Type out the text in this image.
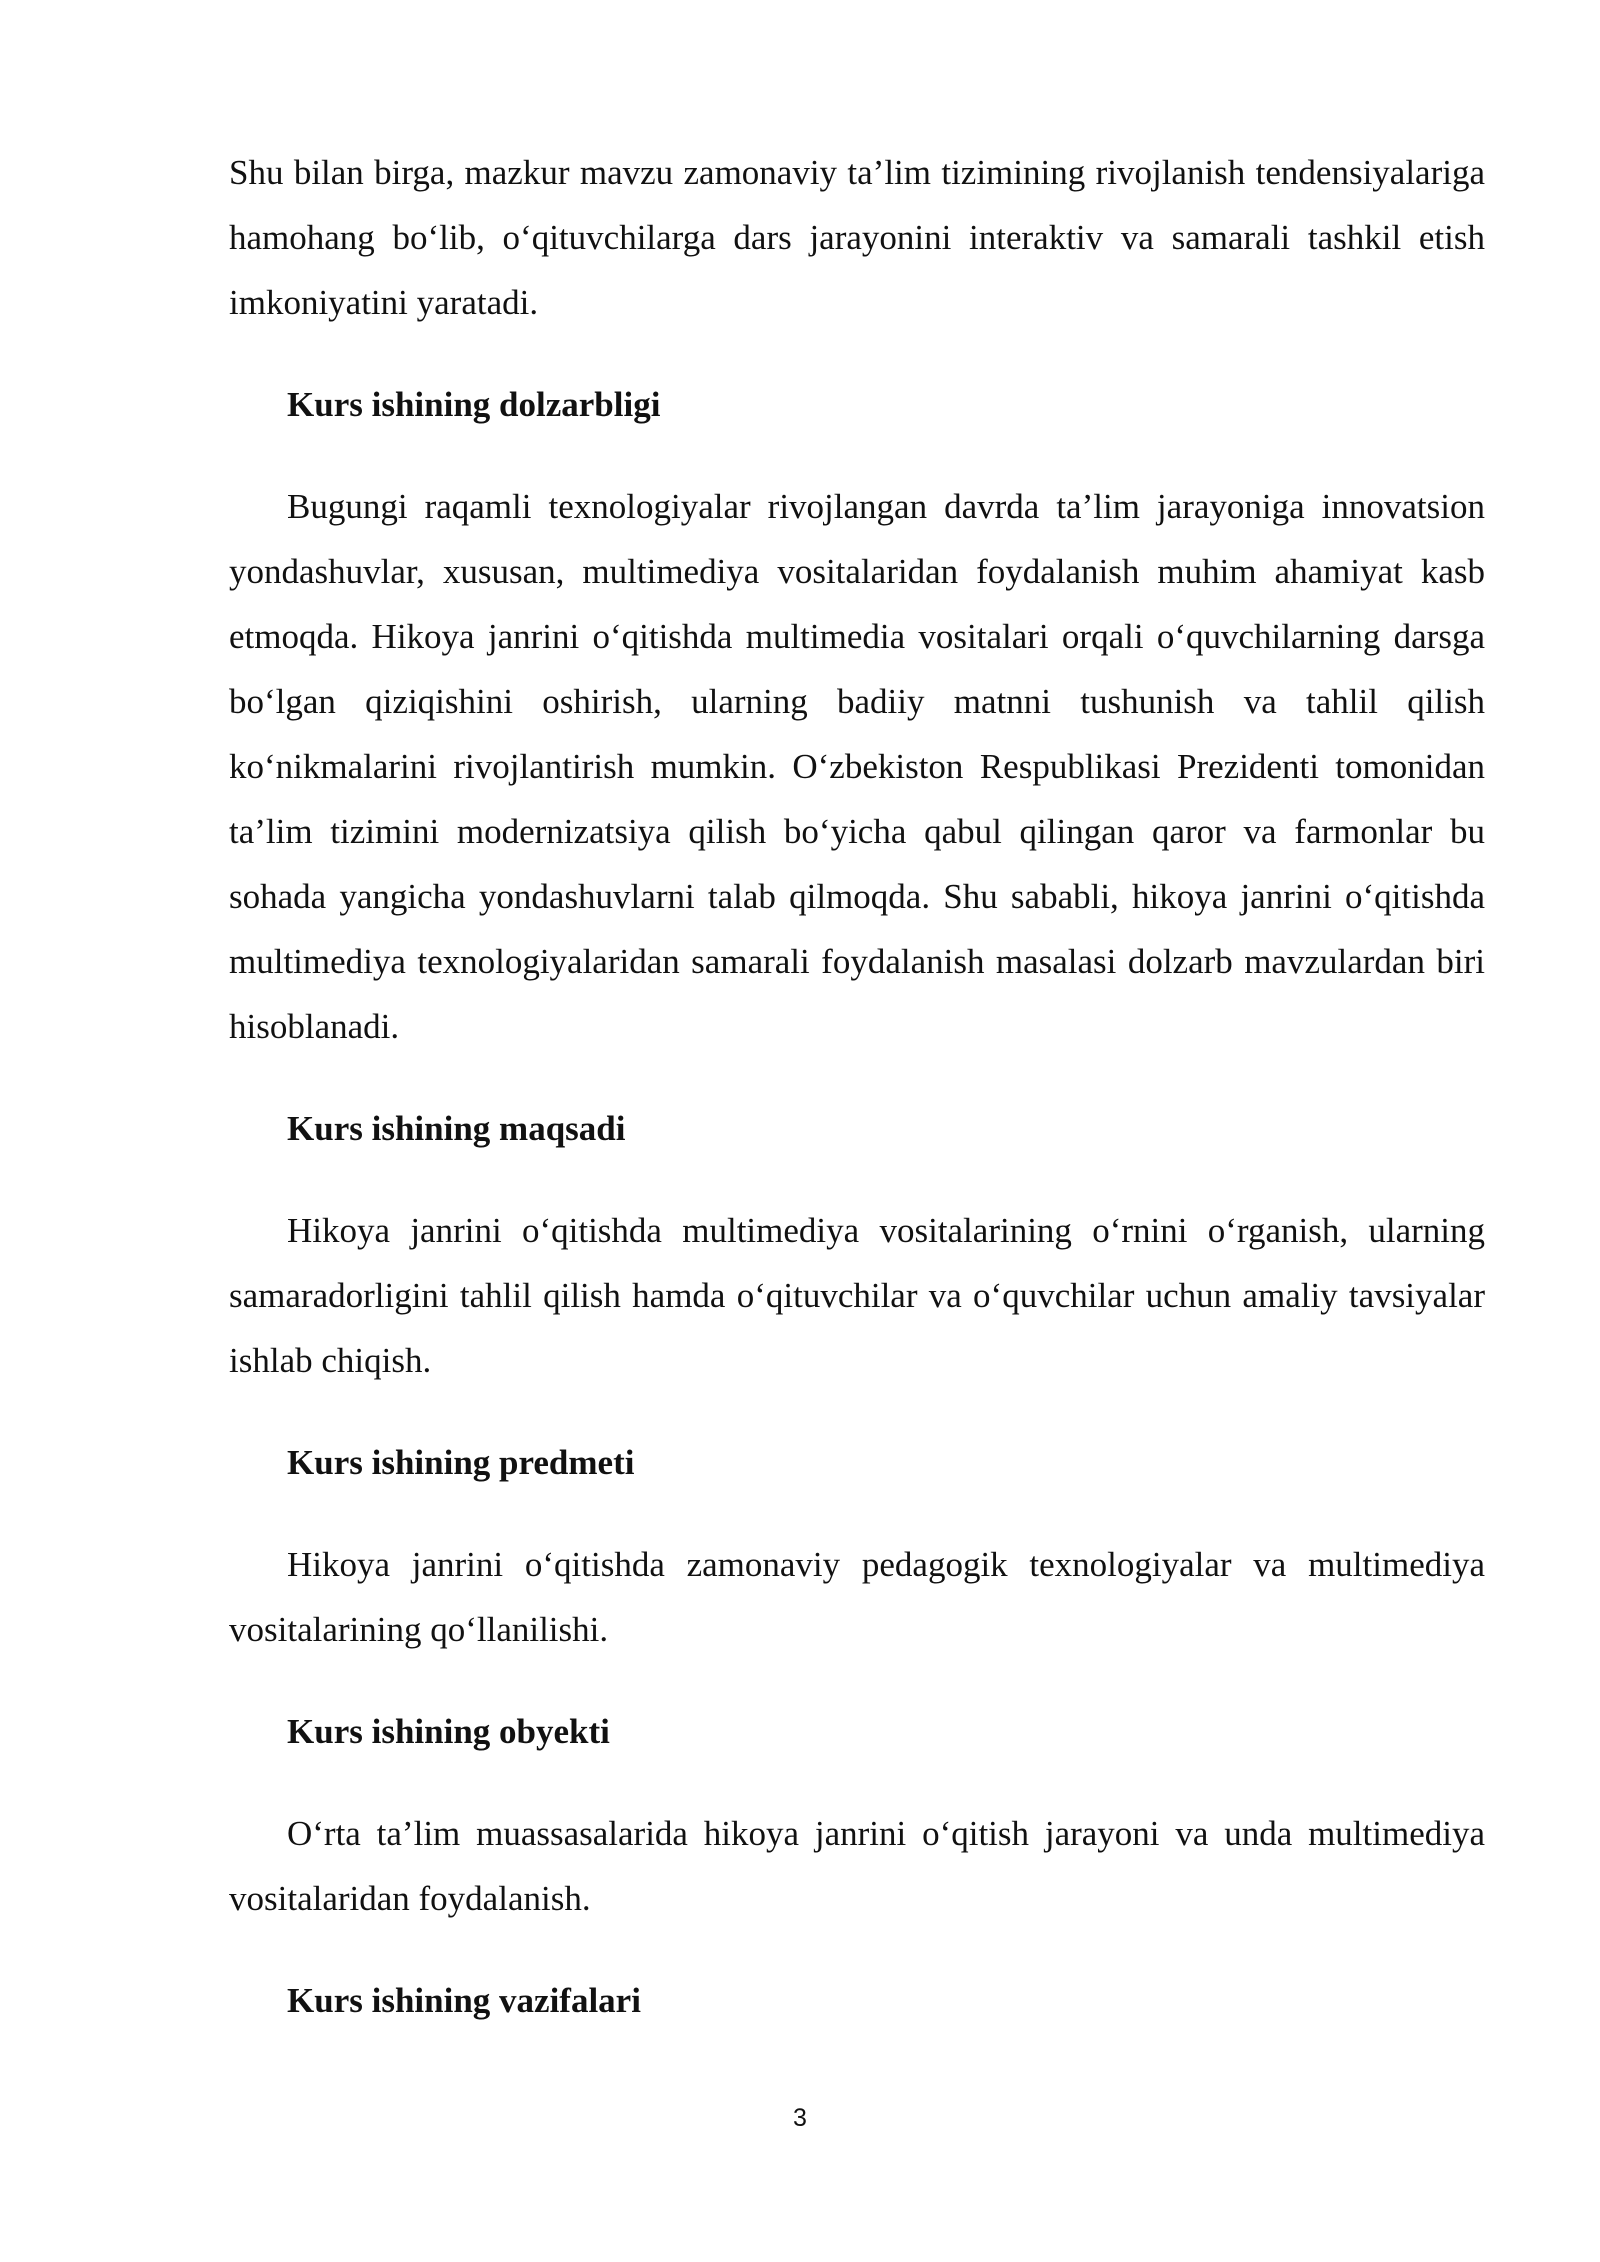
Shu bilan birga, mazkur mavzu zamonaviy ta’lim tizimining rivojlanish tendensiyalariga hamohang bo‘lib, o‘qituvchilarga dars jarayonini interaktiv va samarali tashkil etish imkoniyatini yaratadi.

Kurs ishining dolzarbligi

Bugungi raqamli texnologiyalar rivojlangan davrda ta’lim jarayoniga innovatsion yondashuvlar, xususan, multimediya vositalaridan foydalanish muhim ahamiyat kasb etmoqda. Hikoya janrini o‘qitishda multimedia vositalari orqali o‘quvchilarning darsga bo‘lgan qiziqishini oshirish, ularning badiiy matnni tushunish va tahlil qilish ko‘nikmalarini rivojlantirish mumkin. O‘zbekiston Respublikasi Prezidenti tomonidan ta’lim tizimini modernizatsiya qilish bo‘yicha qabul qilingan qaror va farmonlar bu sohada yangicha yondashuvlarni talab qilmoqda. Shu sababli, hikoya janrini o‘qitishda multimediya texnologiyalaridan samarali foydalanish masalasi dolzarb mavzulardan biri hisoblanadi.

Kurs ishining maqsadi

Hikoya janrini o‘qitishda multimediya vositalarining o‘rnini o‘rganish, ularning samaradorligini tahlil qilish hamda o‘qituvchilar va o‘quvchilar uchun amaliy tavsiyalar ishlab chiqish.

Kurs ishining predmeti

Hikoya janrini o‘qitishda zamonaviy pedagogik texnologiyalar va multimediya vositalarining qo‘llanilishi.

Kurs ishining obyekti

O‘rta ta’lim muassasalarida hikoya janrini o‘qitish jarayoni va unda multimediya vositalaridan foydalanish.

Kurs ishining vazifalari
3
